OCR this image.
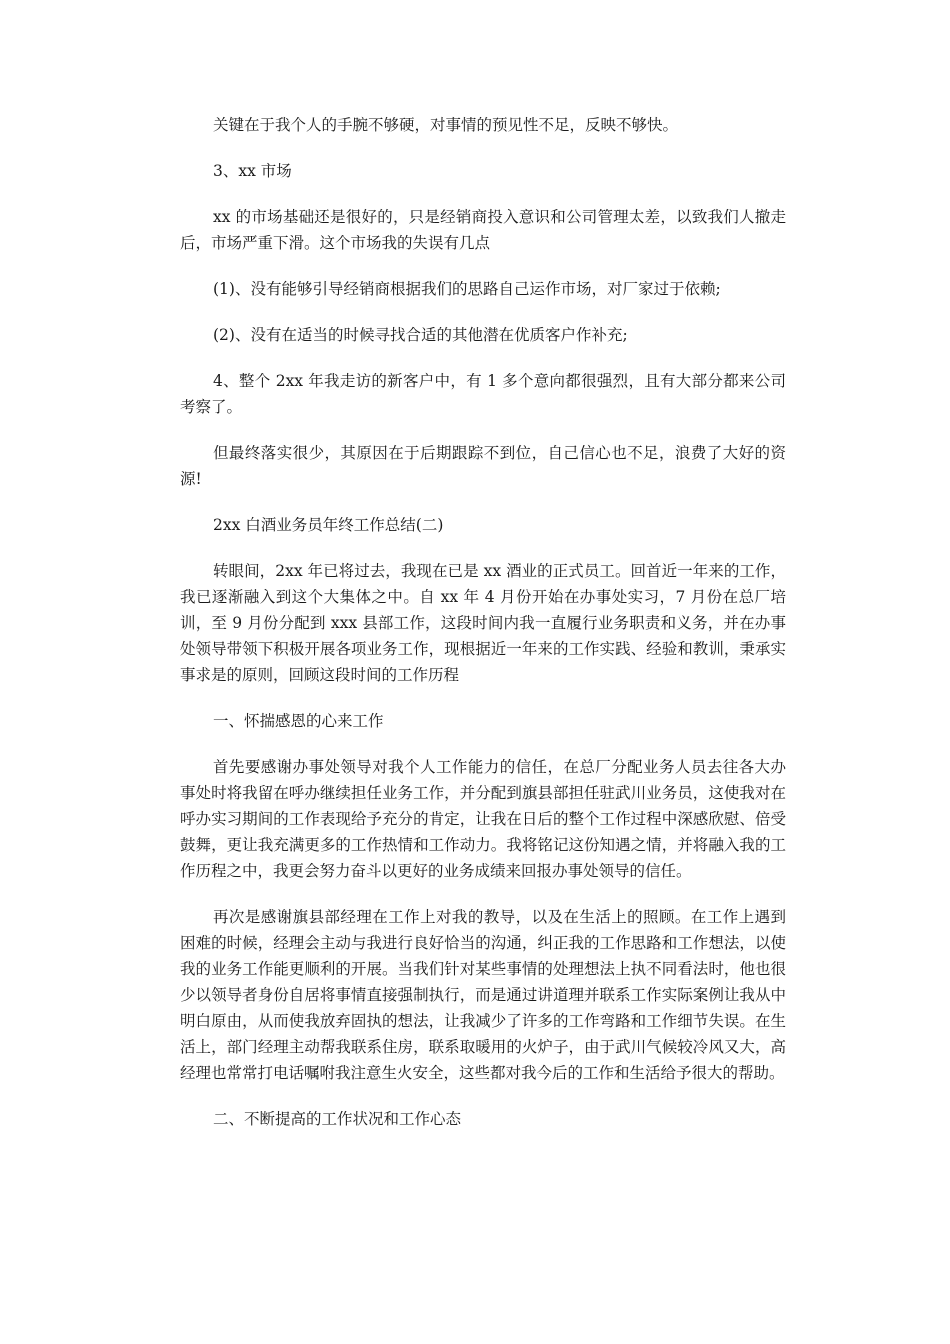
关键在于我个人的手腕不够硬，对事情的预见性不足，反映不够快。

3、xx 市场

xx 的市场基础还是很好的，只是经销商投入意识和公司管理太差，以致我们人撤走后，市场严重下滑。这个市场我的失误有几点

(1)、没有能够引导经销商根据我们的思路自己运作市场，对厂家过于依赖;

(2)、没有在适当的时候寻找合适的其他潜在优质客户作补充;

4、整个 2xx 年我走访的新客户中，有 1 多个意向都很强烈，且有大部分都来公司考察了。

但最终落实很少，其原因在于后期跟踪不到位，自己信心也不足，浪费了大好的资源!

2xx 白酒业务员年终工作总结(二)

转眼间，2xx 年已将过去，我现在已是 xx 酒业的正式员工。回首近一年来的工作，我已逐渐融入到这个大集体之中。自 xx 年 4 月份开始在办事处实习，7 月份在总厂培训，至 9 月份分配到 xxx 县部工作，这段时间内我一直履行业务职责和义务，并在办事处领导带领下积极开展各项业务工作，现根据近一年来的工作实践、经验和教训，秉承实事求是的原则，回顾这段时间的工作历程

一、怀揣感恩的心来工作

首先要感谢办事处领导对我个人工作能力的信任，在总厂分配业务人员去往各大办事处时将我留在呼办继续担任业务工作，并分配到旗县部担任驻武川业务员，这使我对在呼办实习期间的工作表现给予充分的肯定，让我在日后的整个工作过程中深感欣慰、倍受鼓舞，更让我充满更多的工作热情和工作动力。我将铭记这份知遇之情，并将融入我的工作历程之中，我更会努力奋斗以更好的业务成绩来回报办事处领导的信任。

再次是感谢旗县部经理在工作上对我的教导，以及在生活上的照顾。在工作上遇到困难的时候，经理会主动与我进行良好恰当的沟通，纠正我的工作思路和工作想法，以使我的业务工作能更顺利的开展。当我们针对某些事情的处理想法上执不同看法时，他也很少以领导者身份自居将事情直接强制执行，而是通过讲道理并联系工作实际案例让我从中明白原由，从而使我放弃固执的想法，让我减少了许多的工作弯路和工作细节失误。在生活上，部门经理主动帮我联系住房，联系取暖用的火炉子，由于武川气候较冷风又大，高经理也常常打电话嘱咐我注意生火安全，这些都对我今后的工作和生活给予很大的帮助。

二、不断提高的工作状况和工作心态
